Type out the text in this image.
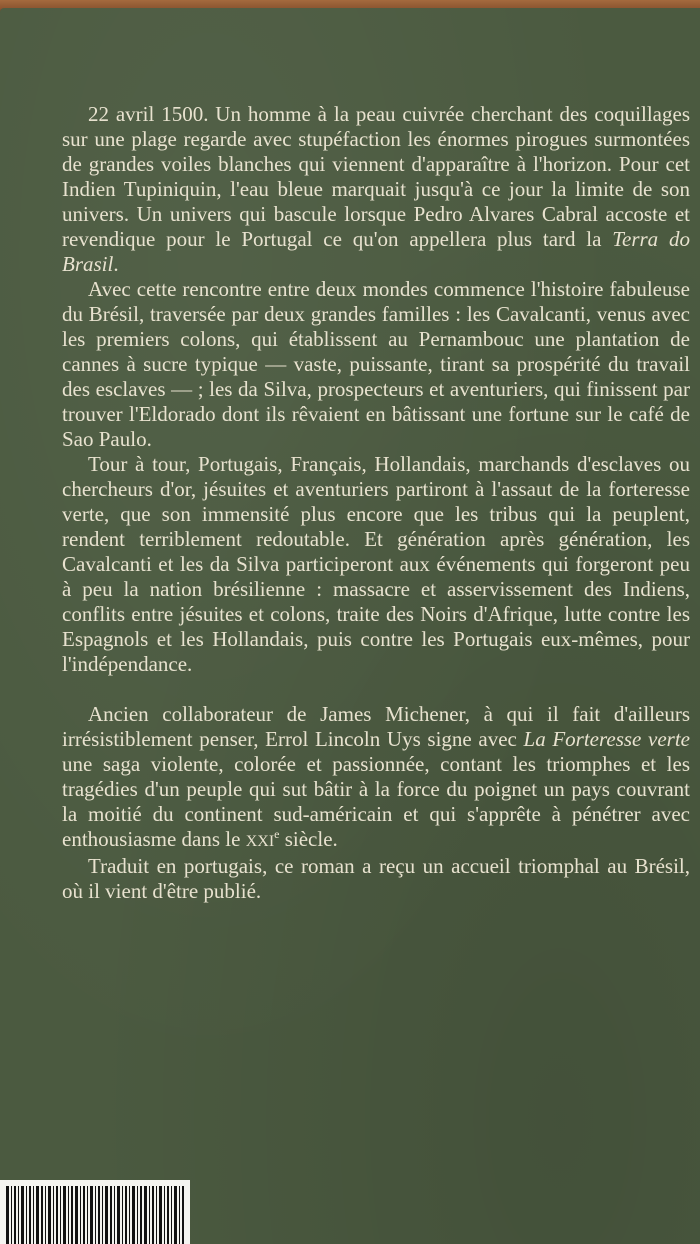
22 avril 1500. Un homme à la peau cuivrée cherchant des coquillages sur une plage regarde avec stupéfaction les énormes pirogues surmontées de grandes voiles blanches qui viennent d'apparaître à l'horizon. Pour cet Indien Tupiniquin, l'eau bleue marquait jusqu'à ce jour la limite de son univers. Un univers qui bascule lorsque Pedro Alvares Cabral accoste et revendique pour le Portugal ce qu'on appellera plus tard la Terra do Brasil.

Avec cette rencontre entre deux mondes commence l'histoire fabuleuse du Brésil, traversée par deux grandes familles : les Cavalcanti, venus avec les premiers colons, qui établissent au Pernambouc une plantation de cannes à sucre typique — vaste, puissante, tirant sa prospérité du travail des esclaves — ; les da Silva, prospecteurs et aventuriers, qui finissent par trouver l'Eldorado dont ils rêvaient en bâtissant une fortune sur le café de Sao Paulo.

Tour à tour, Portugais, Français, Hollandais, marchands d'esclaves ou chercheurs d'or, jésuites et aventuriers partiront à l'assaut de la forteresse verte, que son immensité plus encore que les tribus qui la peuplent, rendent terriblement redoutable. Et génération après génération, les Cavalcanti et les da Silva participeront aux événements qui forgeront peu à peu la nation brésilienne : massacre et asservissement des Indiens, conflits entre jésuites et colons, traite des Noirs d'Afrique, lutte contre les Espagnols et les Hollandais, puis contre les Portugais eux-mêmes, pour l'indépendance.

Ancien collaborateur de James Michener, à qui il fait d'ailleurs irrésistiblement penser, Errol Lincoln Uys signe avec La Forteresse verte une saga violente, colorée et passionnée, contant les triomphes et les tragédies d'un peuple qui sut bâtir à la force du poignet un pays couvrant la moitié du continent sud-américain et qui s'apprête à pénétrer avec enthousiasme dans le XXIe siècle.

Traduit en portugais, ce roman a reçu un accueil triomphal au Brésil, où il vient d'être publié.
